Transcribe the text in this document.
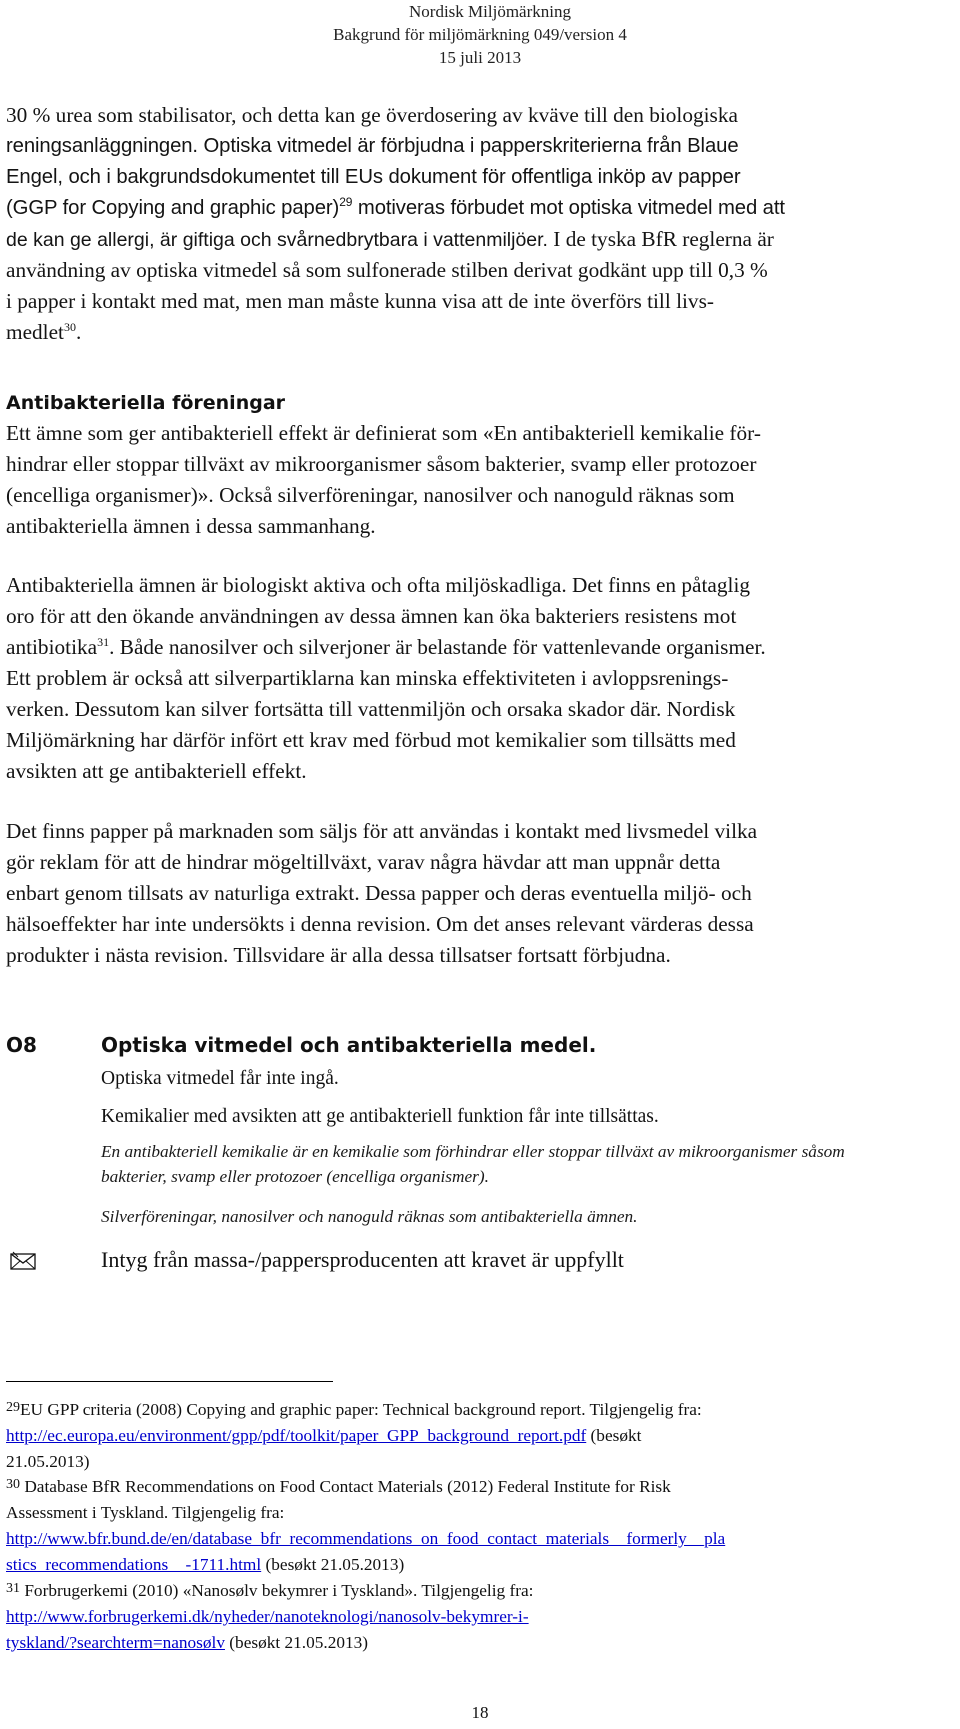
Nordisk Miljömärkning
Bakgrund för miljömärkning 049/version 4
15 juli 2013

30 % urea som stabilisator, och detta kan ge överdosering av kväve till den biologiska

reningsanläggningen. Optiska vitmedel är förbjudna i papperskriterierna från Blaue

Engel, och i bakgrundsdokumentet till EUs dokument för offentliga inköp av papper

(GGP for Copying and graphic paper)$^{29}$ motiveras förbudet mot optiska vitmedel med att

de kan ge allergi, är giftiga och svårnedbrytbara i vattenmiljöer. I de tyska BfR reglerna är

användning av optiska vitmedel så som sulfonerade stilben derivat godkänt upp till 0,3 %

i papper i kontakt med mat, men man måste kunna visa att de inte överförs till livs-

medlet$^{30}$.

Antibakteriella föreningar

Ett ämne som ger antibakteriell effekt är definierat som «En antibakteriell kemikalie för-

hindrar eller stoppar tillväxt av mikroorganismer såsom bakterier, svamp eller protozoer

(encelliga organismer)». Också silverföreningar, nanosilver och nanoguld räknas som

antibakteriella ämnen i dessa sammanhang.

Antibakteriella ämnen är biologiskt aktiva och ofta miljöskadliga. Det finns en påtaglig

oro för att den ökande användningen av dessa ämnen kan öka bakteriers resistens mot

antibiotika$^{31}$. Både nanosilver och silverjoner är belastande för vattenlevande organismer.

Ett problem är också att silverpartiklarna kan minska effektiviteten i avloppsrenings-

verken. Dessutom kan silver fortsätta till vattenmiljön och orsaka skador där. Nordisk

Miljömärkning har därför infört ett krav med förbud mot kemikalier som tillsätts med

avsikten att ge antibakteriell effekt.

Det finns papper på marknaden som säljs för att användas i kontakt med livsmedel vilka

gör reklam för att de hindrar mögeltillväxt, varav några hävdar att man uppnår detta

enbart genom tillsats av naturliga extrakt. Dessa papper och deras eventuella miljö- och

hälsoeffekter har inte undersökts i denna revision. Om det anses relevant värderas dessa

produkter i nästa revision. Tillsvidare är alla dessa tillsatser fortsatt förbjudna.

O8	Optiska vitmedel och antibakteriella medel.

Optiska vitmedel får inte ingå.

Kemikalier med avsikten att ge antibakteriell funktion får inte tillsättas.

En antibakteriell kemikalie är en kemikalie som förhindrar eller stoppar tillväxt av mikroorganismer såsom

bakterier, svamp eller protozoer (encelliga organismer).

Silverföreningar, nanosilver och nanoguld räknas som antibakteriella ämnen.

Intyg från massa-/pappersproducenten att kravet är uppfyllt

$^{29}$EU GPP criteria (2008) Copying and graphic paper: Technical background report. Tilgjengelig fra:

http://ec.europa.eu/environment/gpp/pdf/toolkit/paper_GPP_background_report.pdf (besøkt

21.05.2013)

$^{30}$ Database BfR Recommendations on Food Contact Materials (2012) Federal Institute for Risk

Assessment i Tyskland. Tilgjengelig fra:

http://www.bfr.bund.de/en/database_bfr_recommendations_on_food_contact_materials__formerly__pla

stics_recommendations__-1711.html (besøkt 21.05.2013)

$^{31}$ Forbrugerkemi (2010) «Nanosølv bekymrer i Tyskland». Tilgjengelig fra:

http://www.forbrugerkemi.dk/nyheder/nanoteknologi/nanosolv-bekymrer-i-

tyskland/?searchterm=nanosølv (besøkt 21.05.2013)

18
